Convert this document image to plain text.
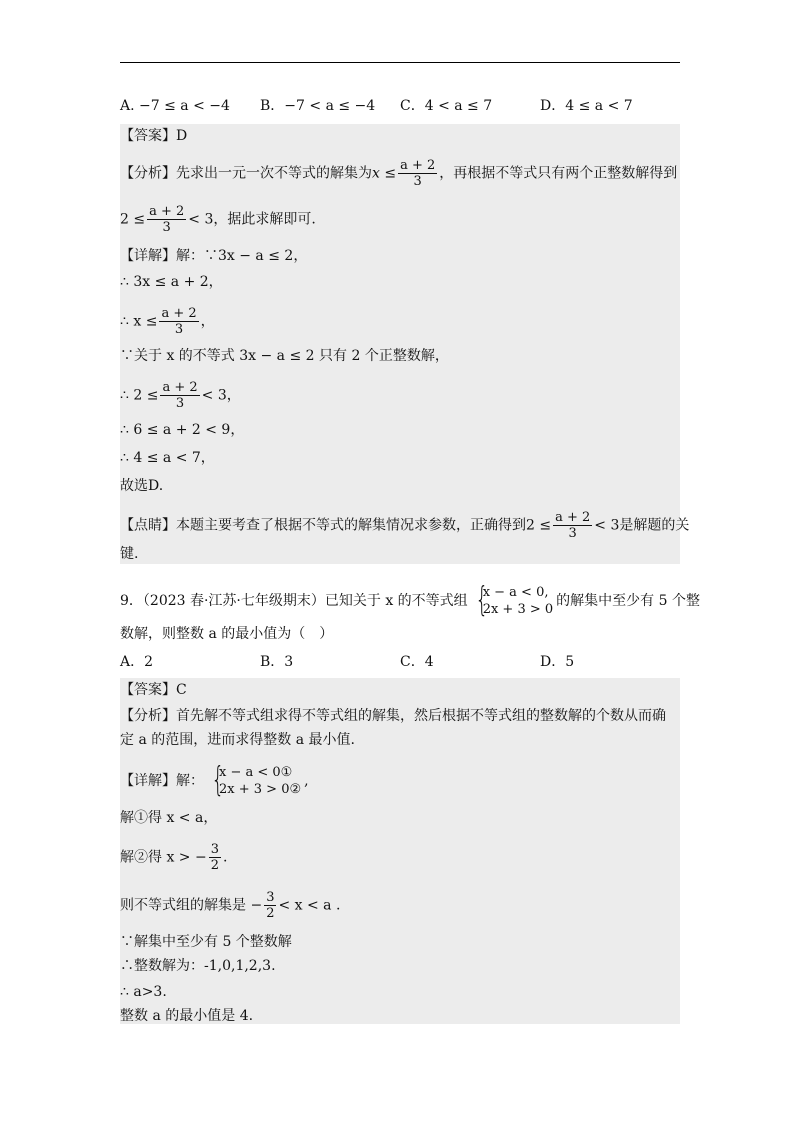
A. −7 ≤ a < −4 B．−7 < a ≤ −4 C．4 < a ≤ 7	D．4 ≤ a < 7
【答案】D
【分析】先求出一元一次不等式的解集为$x \le \frac{a + 2}{3}$ ，再根据不等式只有两个正整数解得到
$2 \le \frac{a + 2}{3} < 3$，据此求解即可.
【详解】解：∵3x − a ≤ 2，
∴ 3x ≤ a + 2，
∴ $x \le \frac{a + 2}{3}$ ，
∵关于 x 的不等式 3x − a ≤ 2 只有 2 个正整数解，
∴ $2 \le \frac{a + 2}{3} < 3$，
∴ 6 ≤ a + 2 < 9，
∴ 4 ≤ a < 7，
故选D.
【点睛】本题主要考查了根据不等式的解集情况求参数，正确得到$2 \le \frac{a + 2}{3} < 3$是解题的关
键.
9．（2023 春·江苏·七年级期末）已知关于 x 的不等式组 {
x − a < 0,
2x + 3 > 0
的解集中至少有 5 个整
数解，则整数 a 的最小值为（　）
A．2	B．3	C．4	D．5
【答案】C
【分析】首先解不等式组求得不等式组的解集，然后根据不等式组的整数解的个数从而确
定 a 的范围，进而求得整数 a 最小值.
【详解】解： {
x − a < 0①
2x + 3 > 0②
,
解①得 x < a，
解②得 x > − $\frac{3}{2}$ .
则不等式组的解集是 − $\frac{3}{2} < x < a$ .
∵解集中至少有 5 个整数解
∴整数解为：-1,0,1,2,3.
∴ a>3.
整数 a 的最小值是 4.
